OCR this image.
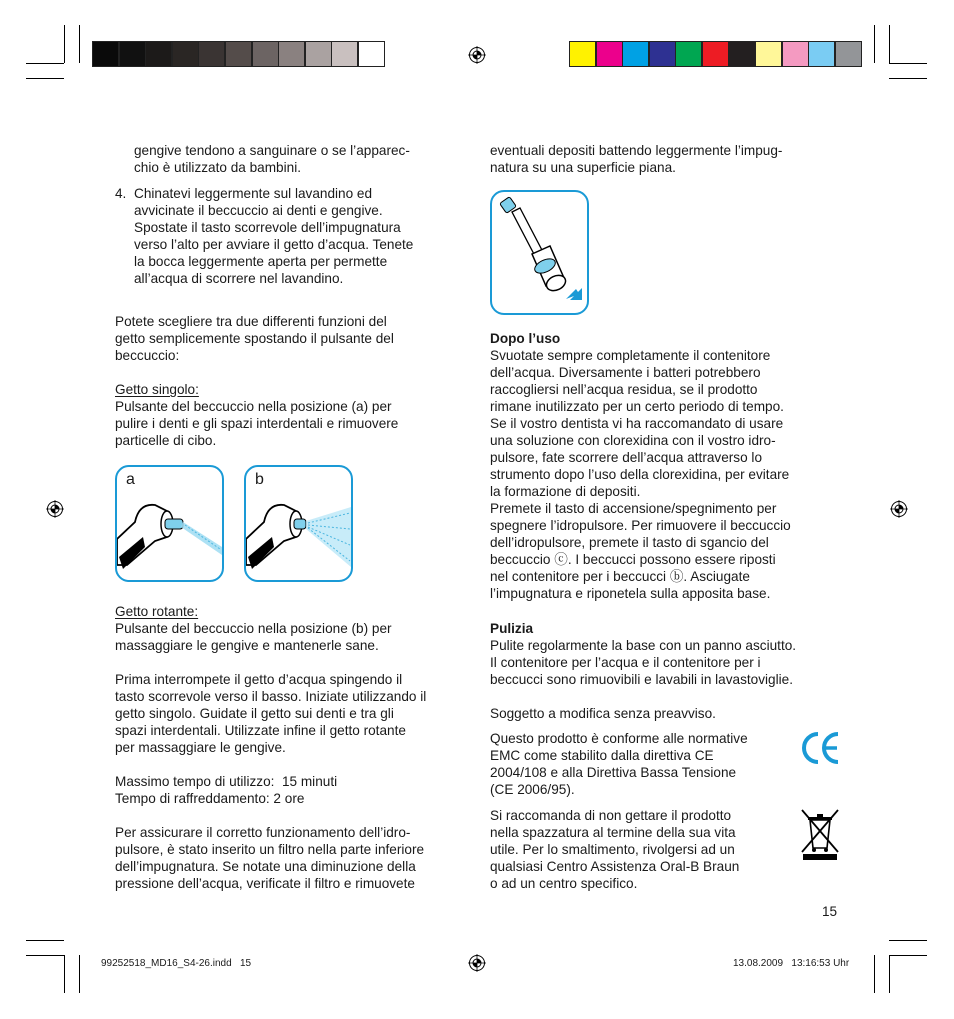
gengive tendono a sanguinare o se l’apparec-
chio è utilizzato da bambini.
4. Chinatevi leggermente sul lavandino ed
avvicinate il beccuccio ai denti e gengive.
Spostate il tasto scorrevole dell’impugnatura
verso l’alto per avviare il getto d’acqua. Tenete
la bocca leggermente aperta per permette
all’acqua di scorrere nel lavandino.
Potete scegliere tra due differenti funzioni del
getto semplicemente spostando il pulsante del
beccuccio:
Getto singolo:
Pulsante del beccuccio nella posizione (a) per
pulire i denti e gli spazi interdentali e rimuovere
particelle di cibo.
a	b
Getto rotante:
Pulsante del beccuccio nella posizione (b) per
massaggiare le gengive e mantenerle sane.
Prima interrompete il getto d’acqua spingendo il
tasto scorrevole verso il basso. Iniziate utilizzando il
getto singolo. Guidate il getto sui denti e tra gli
spazi interdentali. Utilizzate infine il getto rotante
per massaggiare le gengive.
Massimo tempo di utilizzo:  15 minuti
Tempo di raffreddamento: 2 ore
Per assicurare il corretto funzionamento dell’idro-
pulsore, è stato inserito un filtro nella parte inferiore
dell’impugnatura. Se notate una diminuzione della
pressione dell’acqua, verificate il filtro e rimuovete
eventuali depositi battendo leggermente l’impug-
natura su una superficie piana.
Dopo l’uso
Svuotate sempre completamente il contenitore
dell’acqua. Diversamente i batteri potrebbero
raccogliersi nell’acqua residua, se il prodotto
rimane inutilizzato per un certo periodo di tempo.
Se il vostro dentista vi ha raccomandato di usare
una soluzione con clorexidina con il vostro idro-
pulsore, fate scorrere dell’acqua attraverso lo
strumento dopo l’uso della clorexidina, per evitare
la formazione di depositi.
Premete il tasto di accensione/spegnimento per
spegnere l’idropulsore. Per rimuovere il beccuccio
dell’idropulsore, premete il tasto di sgancio del
beccuccio ⓒ. I beccucci possono essere riposti
nel contenitore per i beccucci ⓑ. Asciugate
l’impugnatura e riponetela sulla apposita base.
Pulizia
Pulite regolarmente la base con un panno asciutto.
Il contenitore per l’acqua e il contenitore per i
beccucci sono rimuovibili e lavabili in lavastoviglie.
Soggetto a modifica senza preavviso.
Questo prodotto è conforme alle normative
EMC come stabilito dalla direttiva CE
2004/108 e alla Direttiva Bassa Tensione
(CE 2006/95).
Si raccomanda di non gettare il prodotto
nella spazzatura al termine della sua vita
utile. Per lo smaltimento, rivolgersi ad un
qualsiasi Centro Assistenza Oral-B Braun
o ad un centro specifico.
15
99252518_MD16_S4-26.indd   15	13.08.2009   13:16:53 Uhr
